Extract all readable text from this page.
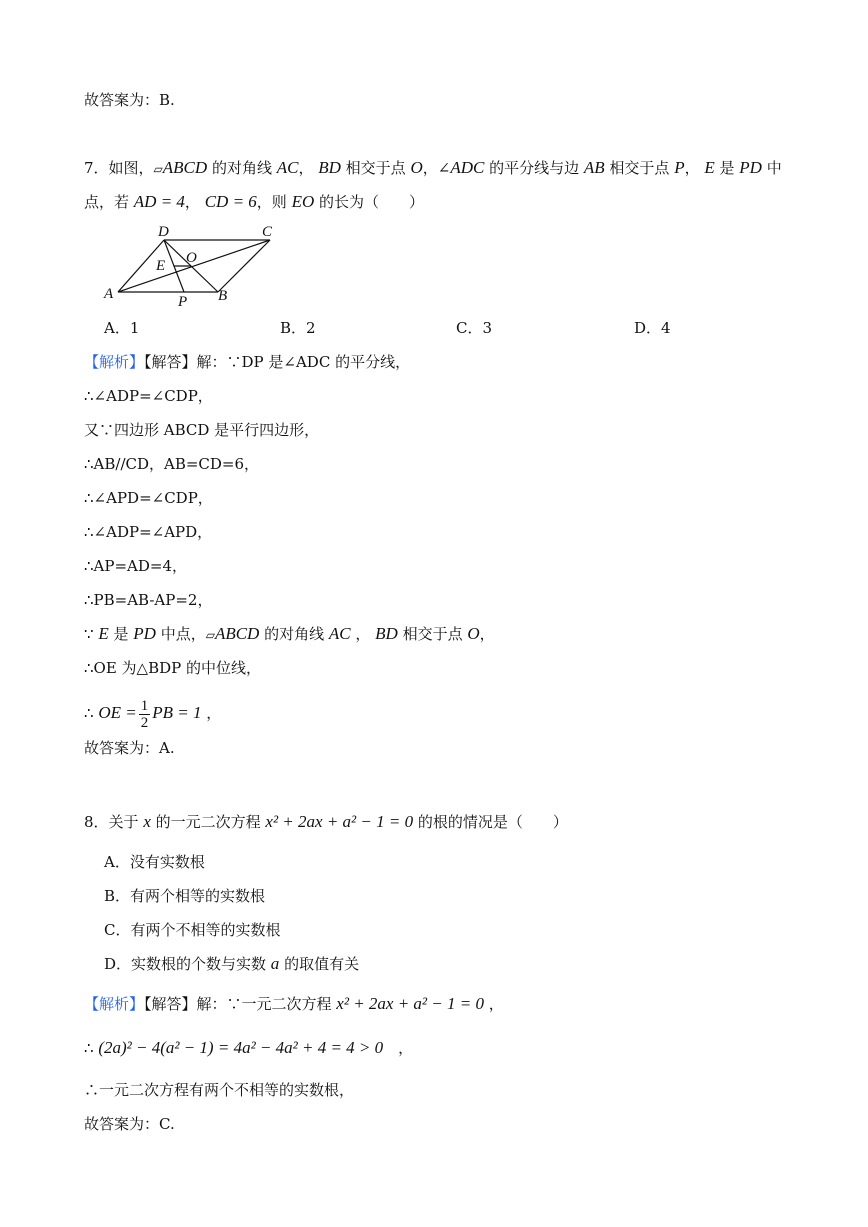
故答案为：B.
7．如图，▱ABCD 的对角线 AC， BD 相交于点 O，∠ADC 的平分线与边 AB 相交于点 P， E 是 PD 中
点，若 AD = 4， CD = 6，则 EO 的长为（　　）
D	C
E O
A	P B
A．1	B．2	C．3	D．4
【解析】【解答】解：∵DP 是∠ADC 的平分线，
∴∠ADP=∠CDP，
又∵四边形 ABCD 是平行四边形，
∴AB//CD，AB=CD=6，
∴∠APD=∠CDP，
∴∠ADP=∠APD，
∴AP=AD=4，
∴PB=AB-AP=2，
∵ E 是 PD 中点，▱ABCD 的对角线 AC ， BD 相交于点 O，
∴OE 为△BDP 的中位线，
∴ OE = $\frac{1}{2}$ PB = 1 ，
故答案为：A.
8．关于 x 的一元二次方程 x² + 2ax + a² − 1 = 0 的根的情况是（　　）
A．没有实数根
B．有两个相等的实数根
C．有两个不相等的实数根
D．实数根的个数与实数 a 的取值有关
【解析】【解答】解：∵一元二次方程 x² + 2ax + a² − 1 = 0 ，
∴ (2a)² − 4(a² − 1) = 4a² − 4a² + 4 = 4 > 0　，
∴一元二次方程有两个不相等的实数根，
故答案为：C.
